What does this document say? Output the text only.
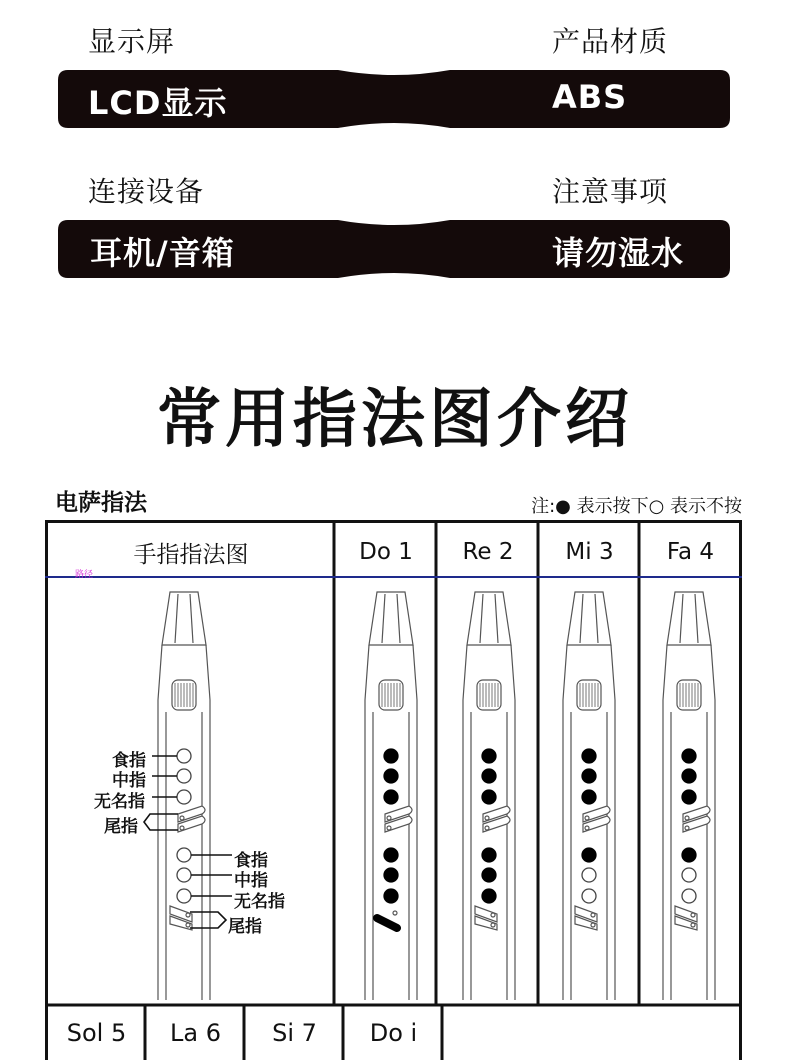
显示屏	产品材质
LCD显示	ABS
连接设备	注意事项
耳机/音箱	请勿湿水
常用指法图介绍
电萨指法	注:● 表示按下○ 表示不按
手指指法图	Do 1	Re 2	Mi 3	Fa 4
路径
食指
中指
无名指
尾指
食指
中指
无名指
尾指
Sol 5	La 6	Si 7	Do i
